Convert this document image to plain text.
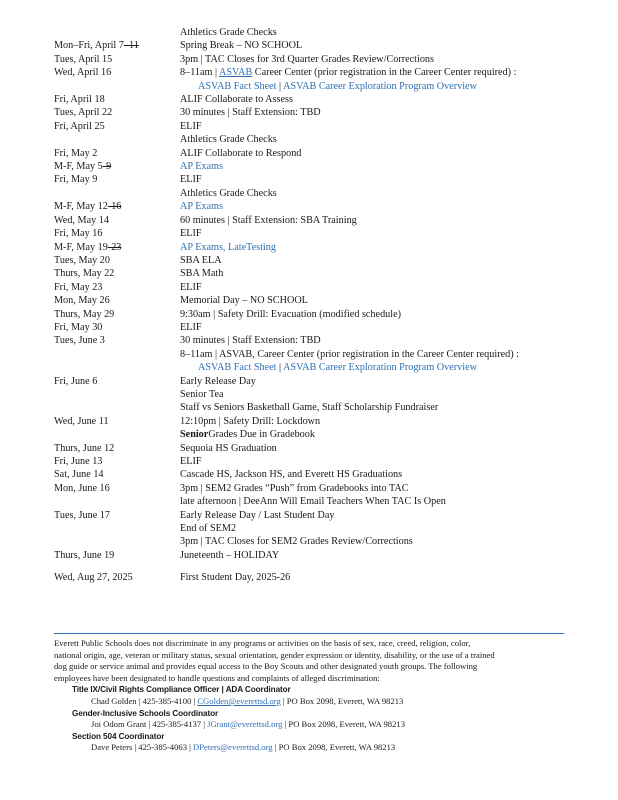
Athletics Grade Checks
Mon–Fri, April 7–11	Spring Break – NO SCHOOL
Tues, April 15	3pm | TAC Closes for 3rd Quarter Grades Review/Corrections
Wed, April 16	8–11am | ASVAB Career Center (prior registration in the Career Center required) :
ASVAB Fact Sheet | ASVAB Career Exploration Program Overview
Fri, April 18	ALIF Collaborate to Assess
Tues, April 22	30 minutes | Staff Extension: TBD
Fri, April 25	ELIF
Athletics Grade Checks
Fri, May 2	ALIF Collaborate to Respond
M-F, May 5-9	AP Exams
Fri, May 9	ELIF
Athletics Grade Checks
M-F, May 12-16	AP Exams
Wed, May 14	60 minutes | Staff Extension: SBA Training
Fri, May 16	ELIF
M-F, May 19-23	AP Exams, LateTesting
Tues, May 20	SBA ELA
Thurs, May 22	SBA Math
Fri, May 23	ELIF
Mon, May 26	Memorial Day – NO SCHOOL
Thurs, May 29	9:30am | Safety Drill: Evacuation (modified schedule)
Fri, May 30	ELIF
Tues, June 3	30 minutes | Staff Extension: TBD
8–11am | ASVAB, Career Center (prior registration in the Career Center required) :
ASVAB Fact Sheet | ASVAB Career Exploration Program Overview
Fri, June 6	Early Release Day
Senior Tea
Staff vs Seniors Basketball Game, Staff Scholarship Fundraiser
Wed, June 11	12:10pm | Safety Drill: Lockdown
SeniorGrades Due in Gradebook
Thurs, June 12	Sequoia HS Graduation
Fri, June 13	ELIF
Sat, June 14	Cascade HS, Jackson HS, and Everett HS Graduations
Mon, June 16	3pm | SEM2 Grades “Push” from Gradebooks into TAC
late afternoon | DeeAnn Will Email Teachers When TAC Is Open
Tues, June 17	Early Release Day / Last Student Day
End of SEM2
3pm | TAC Closes for SEM2 Grades Review/Corrections
Thurs, June 19	Juneteenth – HOLIDAY
Wed, Aug 27, 2025	First Student Day, 2025-26
Everett Public Schools does not discriminate in any programs or activities on the basis of sex, race, creed, religion, color,
national origin, age, veteran or military status, sexual orientation, gender expression or identity, disability, or the use of a trained
dog guide or service animal and provides equal access to the Boy Scouts and other designated youth groups. The following
employees have been designated to handle questions and complaints of alleged discrimination:
Title IX/Civil Rights Compliance Officer | ADA Coordinator
Chad Golden | 425-385-4100 | CGolden@everettsd.org | PO Box 2098, Everett, WA 98213
Gender-Inclusive Schools Coordinator
Joi Odom Grant | 425-385-4137 | JGrant@everettsd.org | PO Box 2098, Everett, WA 98213
Section 504 Coordinator
Dave Peters | 425-385-4063 | DPeters@everettsd.org | PO Box 2098, Everett, WA 98213
